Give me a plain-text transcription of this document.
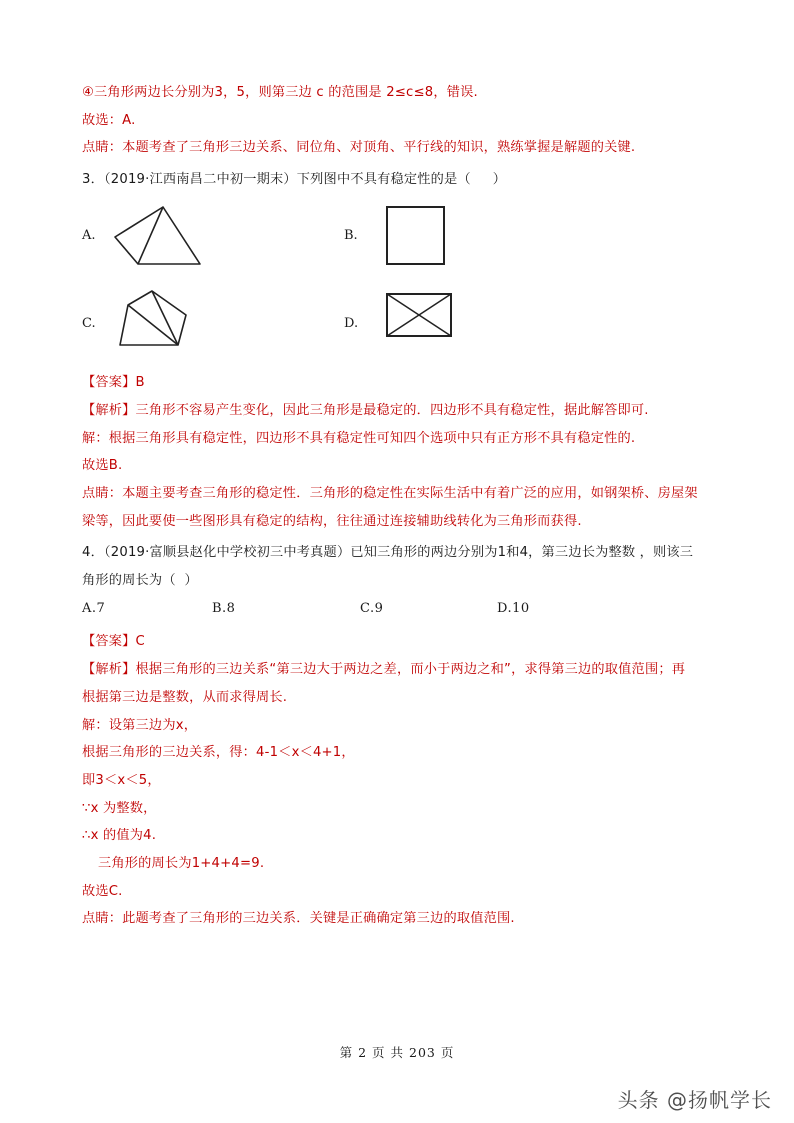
④三角形两边长分别为3，5，则第三边 c 的范围是 2≤c≤8，错误.

故选：A.

点睛：本题考查了三角形三边关系、同位角、对顶角、平行线的知识，熟练掌握是解题的关键.

3．（2019·江西南昌二中初一期末）下列图中不具有稳定性的是（     ）

A.	B.
C.	D.

【答案】B

【解析】三角形不容易产生变化，因此三角形是最稳定的．四边形不具有稳定性，据此解答即可.

解：根据三角形具有稳定性，四边形不具有稳定性可知四个选项中只有正方形不具有稳定性的.

故选B.

点睛：本题主要考查三角形的稳定性．三角形的稳定性在实际生活中有着广泛的应用，如钢架桥、房屋架

梁等，因此要使一些图形具有稳定的结构，往往通过连接辅助线转化为三角形而获得.

4．（2019·富顺县赵化中学校初三中考真题）已知三角形的两边分别为1和4，第三边长为整数 ，则该三

角形的周长为（  ）

A.7	B.8	C.9	D.10

【答案】C

【解析】根据三角形的三边关系“第三边大于两边之差，而小于两边之和”，求得第三边的取值范围；再

根据第三边是整数，从而求得周长.

解：设第三边为x，

根据三角形的三边关系，得：4-1＜x＜4+1，

即3＜x＜5，

∵x 为整数，

∴x 的值为4.

三角形的周长为1+4+4=9.

故选C.

点睛：此题考查了三角形的三边关系．关键是正确确定第三边的取值范围.

第 2 页 共 203 页
头条 @扬帆学长
